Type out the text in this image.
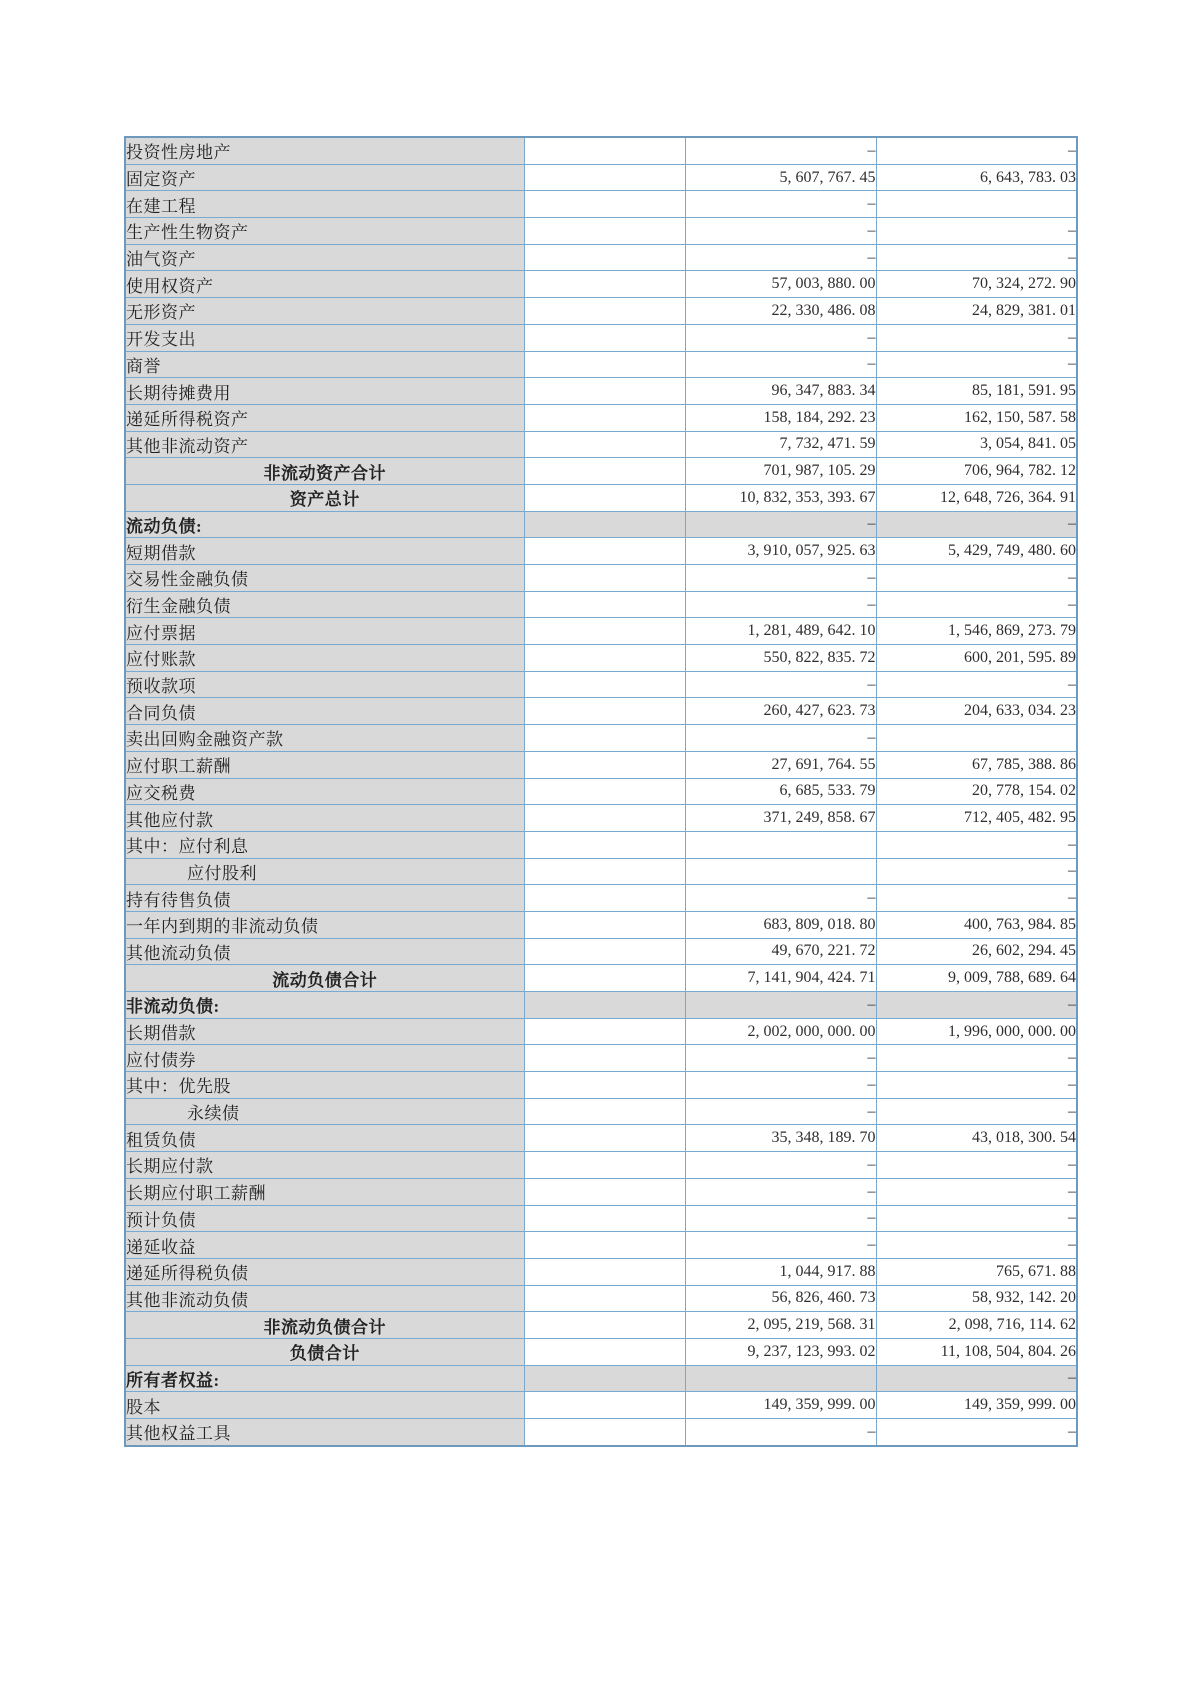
投资性房地产		–	–
固定资产		5, 607, 767. 45	6, 643, 783. 03
在建工程		–	
生产性生物资产		–	–
油气资产		–	–
使用权资产		57, 003, 880. 00	70, 324, 272. 90
无形资产		22, 330, 486. 08	24, 829, 381. 01
开发支出		–	–
商誉		–	–
长期待摊费用		96, 347, 883. 34	85, 181, 591. 95
递延所得税资产		158, 184, 292. 23	162, 150, 587. 58
其他非流动资产		7, 732, 471. 59	3, 054, 841. 05
非流动资产合计		701, 987, 105. 29	706, 964, 782. 12
资产总计		10, 832, 353, 393. 67	12, 648, 726, 364. 91
流动负债:		–	–
短期借款		3, 910, 057, 925. 63	5, 429, 749, 480. 60
交易性金融负债		–	–
衍生金融负债		–	–
应付票据		1, 281, 489, 642. 10	1, 546, 869, 273. 79
应付账款		550, 822, 835. 72	600, 201, 595. 89
预收款项		–	–
合同负债		260, 427, 623. 73	204, 633, 034. 23
卖出回购金融资产款		–	
应付职工薪酬		27, 691, 764. 55	67, 785, 388. 86
应交税费		6, 685, 533. 79	20, 778, 154. 02
其他应付款		371, 249, 858. 67	712, 405, 482. 95
其中：应付利息			–
应付股利			–
持有待售负债		–	–
一年内到期的非流动负债		683, 809, 018. 80	400, 763, 984. 85
其他流动负债		49, 670, 221. 72	26, 602, 294. 45
流动负债合计		7, 141, 904, 424. 71	9, 009, 788, 689. 64
非流动负债:		–	–
长期借款		2, 002, 000, 000. 00	1, 996, 000, 000. 00
应付债券		–	–
其中：优先股		–	–
永续债		–	–
租赁负债		35, 348, 189. 70	43, 018, 300. 54
长期应付款		–	–
长期应付职工薪酬		–	–
预计负债		–	–
递延收益		–	–
递延所得税负债		1, 044, 917. 88	765, 671. 88
其他非流动负债		56, 826, 460. 73	58, 932, 142. 20
非流动负债合计		2, 095, 219, 568. 31	2, 098, 716, 114. 62
负债合计		9, 237, 123, 993. 02	11, 108, 504, 804. 26
所有者权益:			–
股本		149, 359, 999. 00	149, 359, 999. 00
其他权益工具		–	–
